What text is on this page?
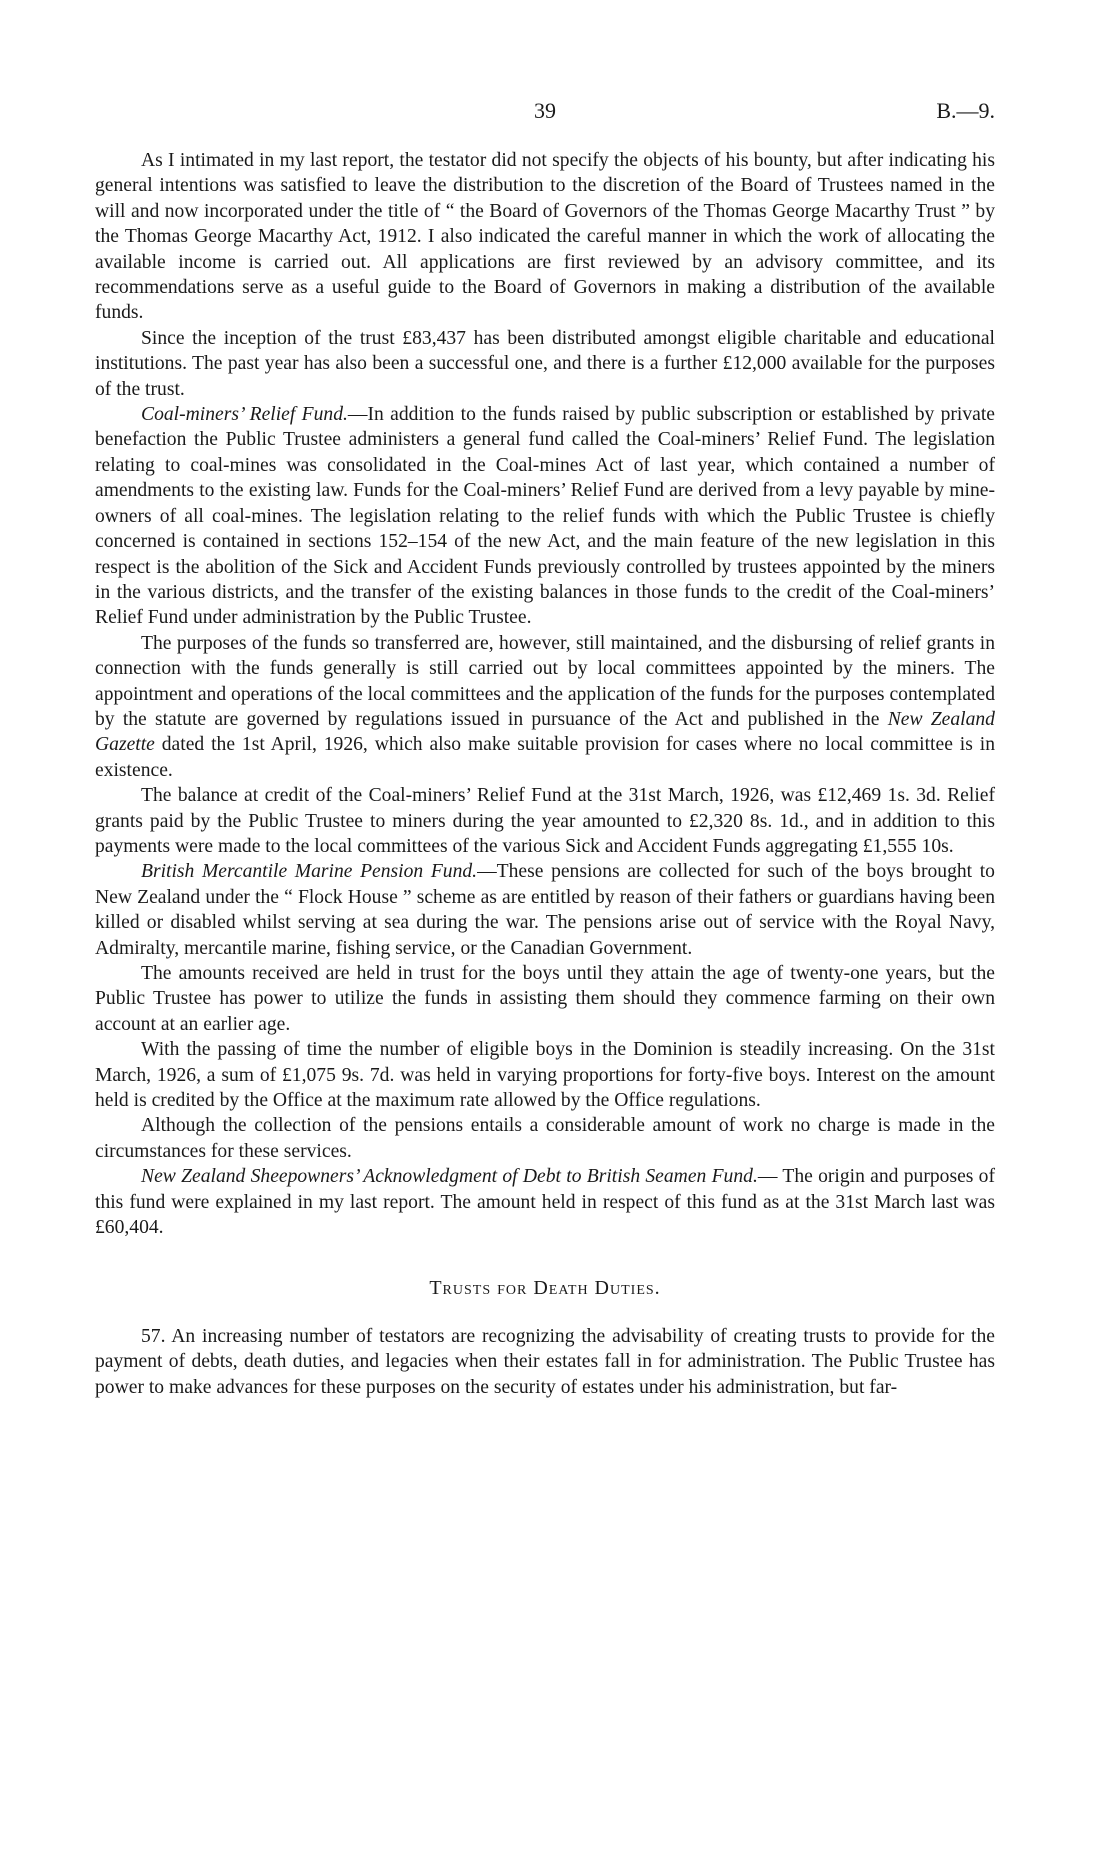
39	B.—9.

As I intimated in my last report, the testator did not specify the objects of his bounty, but after indicating his general intentions was satisfied to leave the distribution to the discretion of the Board of Trustees named in the will and now incorporated under the title of “ the Board of Governors of the Thomas George Macarthy Trust ” by the Thomas George Macarthy Act, 1912. I also indicated the careful manner in which the work of allocating the available income is carried out. All applications are first reviewed by an advisory committee, and its recommendations serve as a useful guide to the Board of Governors in making a distribution of the available funds.

Since the inception of the trust £83,437 has been distributed amongst eligible charitable and educational institutions. The past year has also been a successful one, and there is a further £12,000 available for the purposes of the trust.

Coal-miners’ Relief Fund.—In addition to the funds raised by public subscription or established by private benefaction the Public Trustee administers a general fund called the Coal-miners’ Relief Fund. The legislation relating to coal-mines was consolidated in the Coal-mines Act of last year, which contained a number of amendments to the existing law. Funds for the Coal-miners’ Relief Fund are derived from a levy payable by mine-owners of all coal-mines. The legislation relating to the relief funds with which the Public Trustee is chiefly concerned is contained in sections 152–154 of the new Act, and the main feature of the new legislation in this respect is the abolition of the Sick and Accident Funds previously controlled by trustees appointed by the miners in the various districts, and the transfer of the existing balances in those funds to the credit of the Coal-miners’ Relief Fund under administration by the Public Trustee.

The purposes of the funds so transferred are, however, still maintained, and the disbursing of relief grants in connection with the funds generally is still carried out by local committees appointed by the miners. The appointment and operations of the local committees and the application of the funds for the purposes contemplated by the statute are governed by regulations issued in pursuance of the Act and published in the New Zealand Gazette dated the 1st April, 1926, which also make suitable provision for cases where no local committee is in existence.

The balance at credit of the Coal-miners’ Relief Fund at the 31st March, 1926, was £12,469 1s. 3d. Relief grants paid by the Public Trustee to miners during the year amounted to £2,320 8s. 1d., and in addition to this payments were made to the local committees of the various Sick and Accident Funds aggregating £1,555 10s.

British Mercantile Marine Pension Fund.—These pensions are collected for such of the boys brought to New Zealand under the “ Flock House ” scheme as are entitled by reason of their fathers or guardians having been killed or disabled whilst serving at sea during the war. The pensions arise out of service with the Royal Navy, Admiralty, mercantile marine, fishing service, or the Canadian Government.

The amounts received are held in trust for the boys until they attain the age of twenty-one years, but the Public Trustee has power to utilize the funds in assisting them should they commence farming on their own account at an earlier age.

With the passing of time the number of eligible boys in the Dominion is steadily increasing. On the 31st March, 1926, a sum of £1,075 9s. 7d. was held in varying proportions for forty-five boys. Interest on the amount held is credited by the Office at the maximum rate allowed by the Office regulations.

Although the collection of the pensions entails a considerable amount of work no charge is made in the circumstances for these services.

New Zealand Sheepowners’ Acknowledgment of Debt to British Seamen Fund.— The origin and purposes of this fund were explained in my last report. The amount held in respect of this fund as at the 31st March last was £60,404.

Trusts for Death Duties.

57. An increasing number of testators are recognizing the advisability of creating trusts to provide for the payment of debts, death duties, and legacies when their estates fall in for administration. The Public Trustee has power to make advances for these purposes on the security of estates under his administration, but far-
